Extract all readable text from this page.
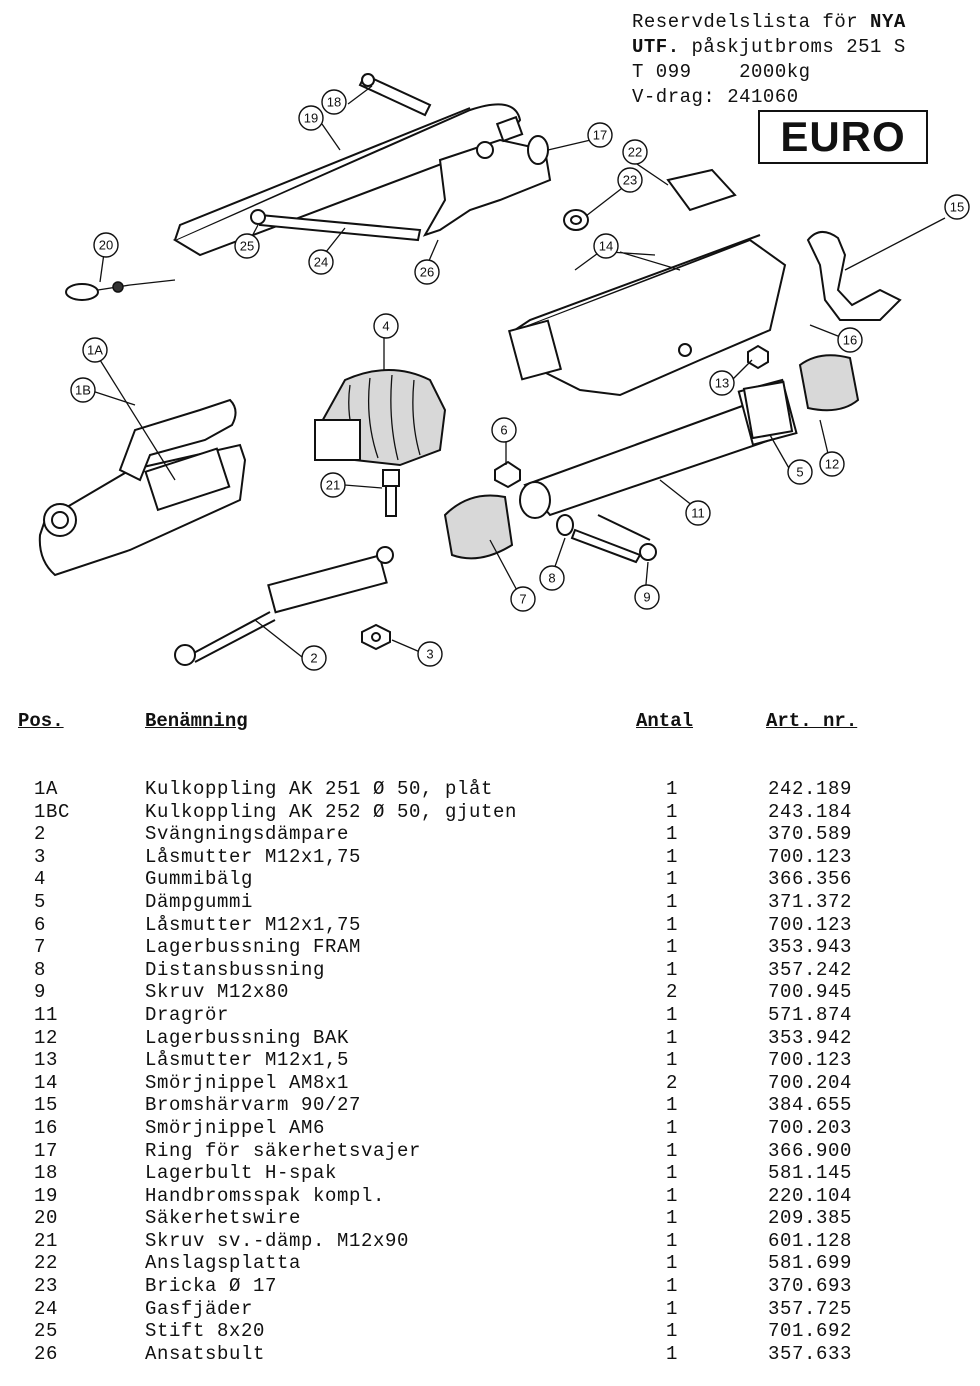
Reservdelslista för NYA
UTF. påskjutbroms 251 S
T 099    2000kg
V-drag: 241060
EURO
1A
1B
2	3
4
5
6
7
8
9
11
12
13
14
15
16
17
18
19
20
21
22
23
24
25
26
Pos.	Benämning	Antal	Art. nr.
1A	Kulkoppling AK 251 Ø 50, plåt	1	242.189
1BC	Kulkoppling AK 252 Ø 50, gjuten	1	243.184
2	Svängningsdämpare	1	370.589
3	Låsmutter M12x1,75	1	700.123
4	Gummibälg	1	366.356
5	Dämpgummi	1	371.372
6	Låsmutter M12x1,75	1	700.123
7	Lagerbussning FRAM	1	353.943
8	Distansbussning	1	357.242
9	Skruv M12x80	2	700.945
11	Dragrör	1	571.874
12	Lagerbussning BAK	1	353.942
13	Låsmutter M12x1,5	1	700.123
14	Smörjnippel AM8x1	2	700.204
15	Bromshärvarm 90/27	1	384.655
16	Smörjnippel AM6	1	700.203
17	Ring för säkerhetsvajer	1	366.900
18	Lagerbult H-spak	1	581.145
19	Handbromsspak kompl.	1	220.104
20	Säkerhetswire	1	209.385
21	Skruv sv.-dämp. M12x90	1	601.128
22	Anslagsplatta	1	581.699
23	Bricka Ø 17	1	370.693
24	Gasfjäder	1	357.725
25	Stift 8x20	1	701.692
26	Ansatsbult	1	357.633
